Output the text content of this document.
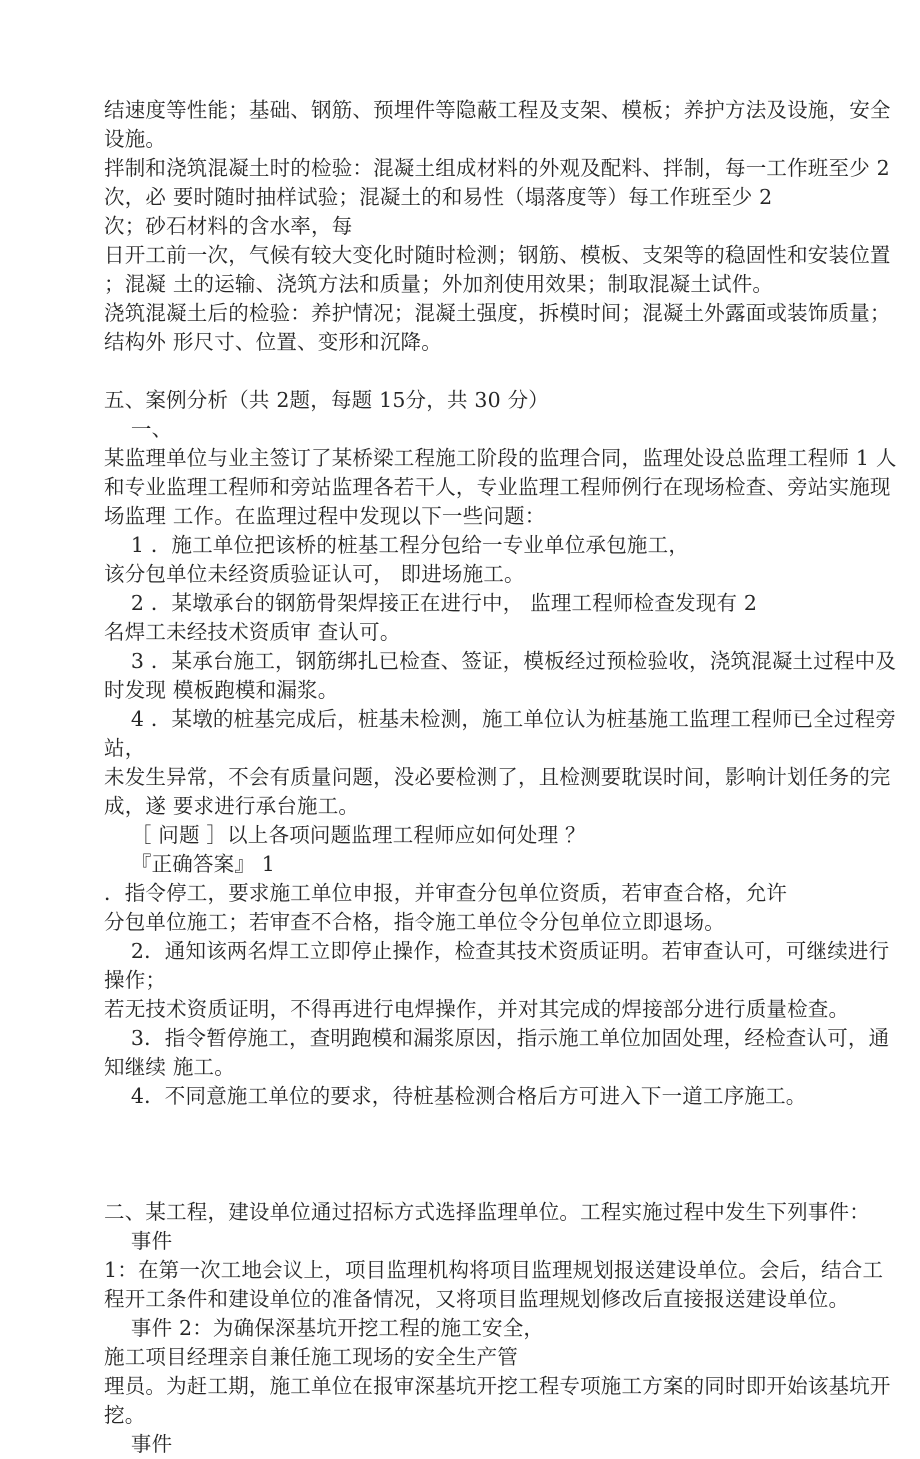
结速度等性能；基础、钢筋、预埋件等隐蔽工程及支架、模板；养护方法及设施，安全
设施。
拌制和浇筑混凝土时的检验：混凝土组成材料的外观及配料、拌制，每一工作班至少 2
次，必 要时随时抽样试验；混凝土的和易性（塌落度等）每工作班至少 2
次；砂石材料的含水率，每
日开工前一次，气候有较大变化时随时检测；钢筋、模板、支架等的稳固性和安装位置
；混凝 土的运输、浇筑方法和质量；外加剂使用效果；制取混凝土试件。
浇筑混凝土后的检验：养护情况；混凝土强度，拆模时间；混凝土外露面或装饰质量；
结构外 形尺寸、位置、变形和沉降。

五、案例分析（共 2题，每题 15分，共 30 分）
一、
某监理单位与业主签订了某桥梁工程施工阶段的监理合同，监理处设总监理工程师 1 人
和专业监理工程师和旁站监理各若干人，专业监理工程师例行在现场检查、旁站实施现
场监理 工作。在监理过程中发现以下一些问题：
1 ．施工单位把该桥的桩基工程分包给一专业单位承包施工，
该分包单位未经资质验证认可， 即进场施工。
2 ．某墩承台的钢筋骨架焊接正在进行中， 监理工程师检查发现有 2
名焊工未经技术资质审 查认可。
3 ．某承台施工，钢筋绑扎已检查、签证，模板经过预检验收，浇筑混凝土过程中及
时发现 模板跑模和漏浆。
4 ．某墩的桩基完成后，桩基未检测，施工单位认为桩基施工监理工程师已全过程旁
站，
未发生异常，不会有质量问题，没必要检测了，且检测要耽误时间，影响计划任务的完
成，遂 要求进行承台施工。
［ 问题 ］以上各项问题监理工程师应如何处理 ？
『正确答案』 1
．指令停工，要求施工单位申报，并审查分包单位资质，若审查合格，允许
分包单位施工；若审查不合格，指令施工单位令分包单位立即退场。
2．通知该两名焊工立即停止操作，检查其技术资质证明。若审查认可，可继续进行
操作；
若无技术资质证明，不得再进行电焊操作，并对其完成的焊接部分进行质量检查。
3．指令暂停施工，查明跑模和漏浆原因，指示施工单位加固处理，经检查认可，通
知继续 施工。
4．不同意施工单位的要求，待桩基检测合格后方可进入下一道工序施工。

二、某工程，建设单位通过招标方式选择监理单位。工程实施过程中发生下列事件：
事件
1：在第一次工地会议上，项目监理机构将项目监理规划报送建设单位。会后，结合工
程开工条件和建设单位的准备情况，又将项目监理规划修改后直接报送建设单位。
事件 2：为确保深基坑开挖工程的施工安全，
施工项目经理亲自兼任施工现场的安全生产管
理员。为赶工期，施工单位在报审深基坑开挖工程专项施工方案的同时即开始该基坑开
挖。
事件
